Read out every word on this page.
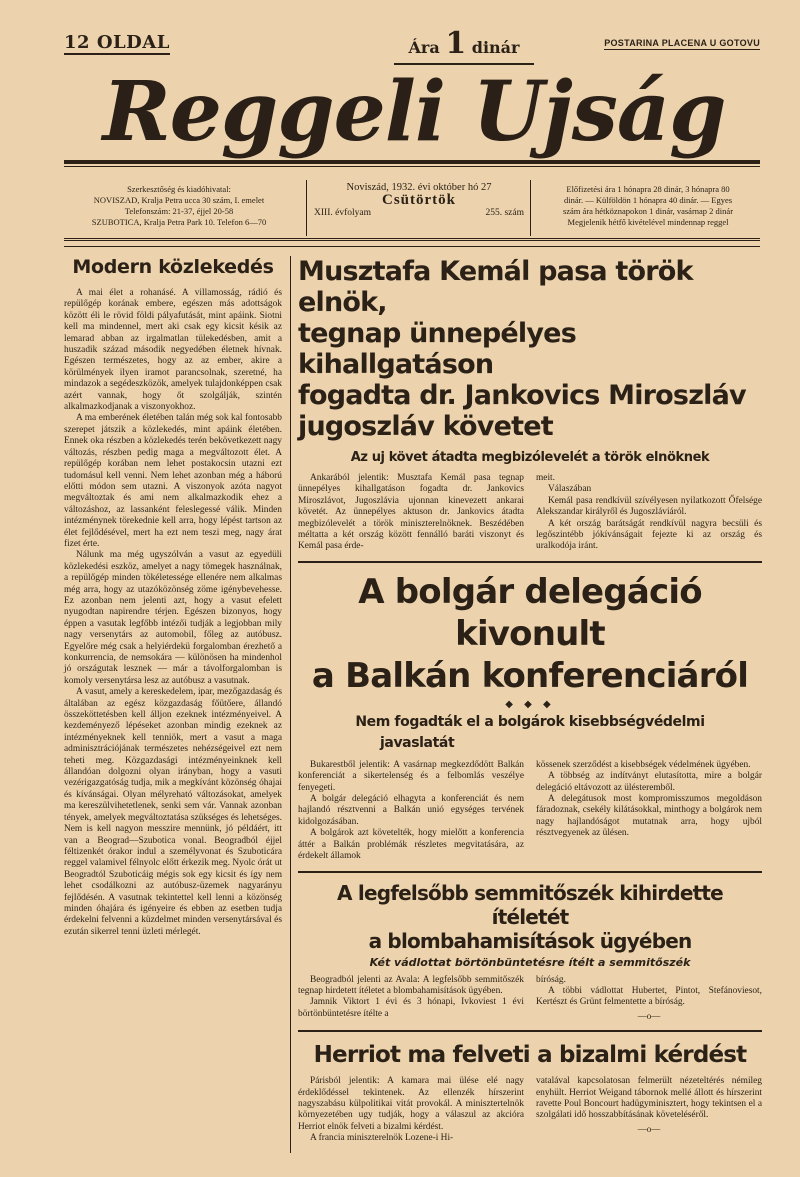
12 OLDAL	Ára 1 dinár	POSTARINA PLACENA U GOTOVU
Reggeli Ujság
Szerkesztőség és kiadóhivatal:
NOVISZAD, Kralja Petra ucca 30 szám, I. emelet
Telefonszám: 21-37, éjjel 20-58
SZUBOTICA, Kralja Petra Park 10. Telefon 6—70
Noviszád, 1932. évi október hó 27
Csütörtök
XIII. évfolyam	255. szám
Előfizetési ára 1 hónapra 28 dinár, 3 hónapra 80
dinár. — Külföldön 1 hónapra 40 dinár. — Egyes
szám ára hétköznapokon 1 dinár, vasárnap 2 dinár
Megjelenik hétfő kivételével mindennap reggel
Modern közlekedés

A mai élet a rohanásé. A villamosság, rádió és repülőgép korának embere, egészen más adottságok között éli le rövid földi pályafutását, mint apáink. Siotni kell ma mindennel, mert aki csak egy kicsit késik az lemarad abban az irgalmatlan tülekedésben, amit a huszadik század második negyedében életnek hívnak. Egészen természetes, hogy az az ember, akire a körülmények ilyen iramot parancsolnak, szeretné, ha mindazok a segédeszközök, amelyek tulajdonképpen csak azért vannak, hogy őt szolgálják, szintén alkalmazkodjanak a viszonyokhoz.

A ma emberének életében talán még sok kal fontosabb szerepet játszik a közlekedés, mint apáink életében. Ennek oka részben a közlekedés terén bekövetkezett nagy változás, részben pedig maga a megváltozott élet. A repülőgép korában nem lehet postakocsin utazni ezt tudomásul kell venni. Nem lehet azonban még a háború előtti módon sem utazni. A viszonyok azóta nagyot megváltoztak és ami nem alkalmazkodik ehez a változáshoz, az lassanként feleslegessé válik. Minden intézménynek törekednie kell arra, hogy lépést tartson az élet fejlődésével, mert ha ezt nem teszi meg, nagy árat fizet érte.

Nálunk ma még ugyszólván a vasut az egyedüli közlekedési eszköz, amelyet a nagy tömegek használnak, a repülőgép minden tökéletessége ellenére nem alkalmas még arra, hogy az utazóközönség zöme igénybevehesse. Ez azonban nem jelenti azt, hogy a vasut efelett nyugodtan napirendre térjen. Egészen bizonyos, hogy éppen a vasutak legfőbb intézői tudják a legjobban mily nagy versenytárs az automobil, főleg az autóbusz. Egyelőre még csak a helyiérdekü forgalomban érezhető a konkurrencia, de nemsokára — különösen ha mindenhol jó országutak lesznek — már a távolforgalomban is komoly versenytársa lesz az autóbusz a vasutnak.

A vasut, amely a kereskedelem, ipar, mezőgazdaság és általában az egész közgazdaság főütőere, állandó összeköttetésben kell álljon ezeknek intézményeivel. A kezdeményező lépéseket azonban mindig ezeknek az intézményeknek kell tenniök, mert a vasut a maga adminisztrációjának természetes nehézségeivel ezt nem teheti meg. Közgazdasági intézményeinknek kell állandóan dolgozni olyan irányban, hogy a vasuti vezérigazgatóság tudja, mik a megkívánt közönség óhajai és kívánságai. Olyan mélyreható változásokat, amelyek ma kereszülvihetetlenek, senki sem vár. Vannak azonban tények, amelyek megváltoztatása szükséges és lehetséges. Nem is kell nagyon messzire mennünk, jó példáért, itt van a Beograd—Szubotica vonal. Beogradból éjjel féltizenkét órakor indul a személyvonat és Szuboticára reggel valamivel félnyolc előtt érkezik meg. Nyolc órát ut Beogradtól Szuboticáig mégis sok egy kicsit és így nem lehet csodálkozni az autóbusz-üzemek nagyarányu fejlődésén. A vasutnak tekintettel kell lenni a közönség minden óhajára és igényeire és ebben az esetben tudja érdekelni felvenni a küzdelmet minden versenytársával és ezután sikerrel tenni üzleti mérlegét.

Musztafa Kemál pasa török elnök,
tegnap ünnepélyes kihallgatáson
fogadta dr. Jankovics Miroszláv
jugoszláv követet
Az uj követ átadta megbizólevelét a török elnöknek

Ankarából jelentik: Musztafa Kemál pasa tegnap ünnepélyes kihallgatáson fogadta dr. Jankovics Miroszlávot, Jugoszlávia ujonnan kinevezett ankarai követét. Az ünnepélyes aktuson dr. Jankovics átadta megbizólevelét a török miniszterelnöknek. Beszédében méltatta a két ország között fennálló baráti viszonyt és Kemál pasa érde-

meit.
Válaszában

Kemál pasa rendkívül szívélyesen nyilatkozott Őfelsége Alekszandar királyről és Jugoszláviáról.

A két ország barátságát rendkívül nagyra becsüli és legőszintébb jókívánságait fejezte ki az ország és uralkodója iránt.

A bolgár delegáció kivonult
a Balkán konferenciáról
◆ ◆ ◆
Nem fogadták el a bolgárok kisebbségvédelmi
javaslatát

Bukarestből jelentik: A vasárnap megkezdődött Balkán konferenciát a sikertelenség és a felbomlás veszélye fenyegeti.

A bolgár delegáció elhagyta a konferenciát és nem hajlandó résztvenni a Balkán unió egységes tervének kidolgozásában.

A bolgárok azt követelték, hogy mielőtt a konferencia áttér a Balkán problémák részletes megvitatására, az érdekelt államok

kössenek szerződést a kisebbségek védelmének ügyében.

A többség az indítványt elutasította, mire a bolgár delegáció eltávozott az ülésteremből.

A delegátusok most kompromisszumos megoldáson fáradoznak, csekély kilátásokkal, minthogy a bolgárok nem nagy hajlandóságot mutatnak arra, hogy ujból résztvegyenek az ülésen.

A legfelsőbb semmitőszék kihirdette ítéletét
a blombahamisítások ügyében
Két vádlottat börtönbüntetésre ítélt a semmitőszék

Beogradból jelenti az Avala: A legfelsőbb semmitőszék tegnap hirdetett ítéletet a blombahamisítások ügyében.

Jamnik Viktort 1 évi és 3 hónapi, Ivkoviest 1 évi börtönbüntetésre ítélte a

bíróság.

A többi vádlottat Hubertet, Pintot, Stefánoviesot, Kertészt és Grünt felmentette a bíróság.

—o—
Herriot ma felveti a bizalmi kérdést

Párisból jelentik: A kamara mai ülése elé nagy érdeklődéssel tekintenek. Az ellenzék hírszerint nagyszabásu külpolitikai vitát provokál. A minisztertelnök környezetében ugy tudják, hogy a válaszul az akcióra Herriot elnök felveti a bizalmi kérdést.

A francia miniszterelnök Lozene-i Hi-

vatalával kapcsolatosan felmerült nézeteltérés némileg enyhült. Herriot Weigand tábornok mellé állott és hírszerint ravette Poul Boncourt hadügyminisztert, hogy tekintsen el a szolgálati idő hosszabbításának követeléséről.

—o—
